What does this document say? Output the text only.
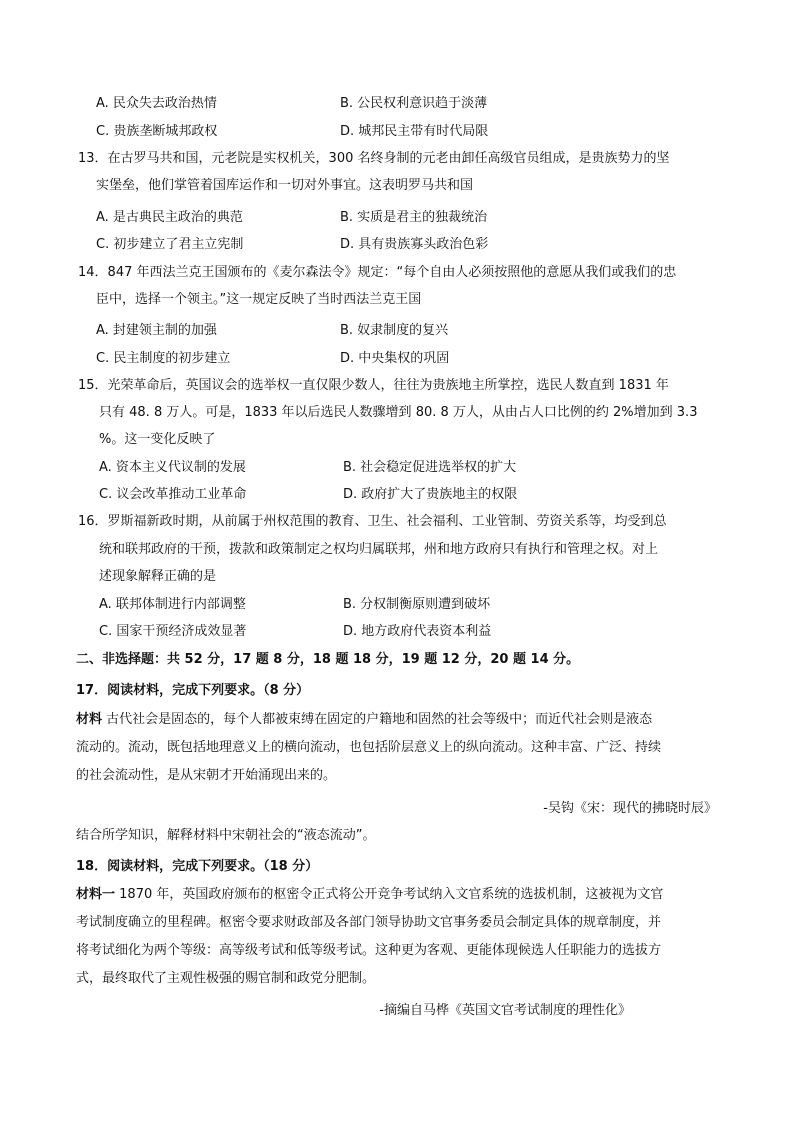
A. 民众失去政治热情	B. 公民权利意识趋于淡薄
C. 贵族垄断城邦政权	D. 城邦民主带有时代局限
13．在古罗马共和国，元老院是实权机关，300 名终身制的元老由卸任高级官员组成，是贵族势力的坚
实堡垒，他们掌管着国库运作和一切对外事宜。这表明罗马共和国
A. 是古典民主政治的典范	B. 实质是君主的独裁统治
C. 初步建立了君主立宪制	D. 具有贵族寡头政治色彩
14．847 年西法兰克王国颁布的《麦尔森法令》规定：“每个自由人必须按照他的意愿从我们或我们的忠
臣中，选择一个领主。”这一规定反映了当时西法兰克王国
A. 封建领主制的加强	B. 奴隶制度的复兴
C. 民主制度的初步建立	D. 中央集权的巩固
15．光荣革命后，英国议会的选举权一直仅限少数人，往往为贵族地主所掌控，选民人数直到 1831 年
只有 48. 8 万人。可是，1833 年以后选民人数骤增到 80. 8 万人，从由占人口比例的约 2%增加到 3.3
%。这一变化反映了
A. 资本主义代议制的发展	B. 社会稳定促进选举权的扩大
C. 议会改革推动工业革命	D. 政府扩大了贵族地主的权限
16．罗斯福新政时期，从前属于州权范围的教育、卫生、社会福利、工业管制、劳资关系等，均受到总
统和联邦政府的干预，拨款和政策制定之权均归属联邦，州和地方政府只有执行和管理之权。对上
述现象解释正确的是
A. 联邦体制进行内部调整	B. 分权制衡原则遭到破坏
C. 国家干预经济成效显著	D. 地方政府代表资本利益
二、非选择题：共 52 分，17 题 8 分，18 题 18 分，19 题 12 分，20 题 14 分。
17．阅读材料，完成下列要求。（8 分）
材料 古代社会是固态的，每个人都被束缚在固定的户籍地和固然的社会等级中；而近代社会则是液态
流动的。流动，既包括地理意义上的横向流动，也包括阶层意义上的纵向流动。这种丰富、广泛、持续
的社会流动性，是从宋朝才开始涌现出来的。
-吴钩《宋：现代的拂晓时辰》
结合所学知识，解释材料中宋朝社会的“液态流动”。
18．阅读材料，完成下列要求。（18 分）
材料一 1870 年，英国政府颁布的枢密令正式将公开竞争考试纳入文官系统的选拔机制，这被视为文官
考试制度确立的里程碑。枢密令要求财政部及各部门领导协助文官事务委员会制定具体的规章制度，并
将考试细化为两个等级：高等级考试和低等级考试。这种更为客观、更能体现候选人任职能力的选拔方
式，最终取代了主观性极强的赐官制和政党分肥制。
-摘编自马桦《英国文官考试制度的理性化》
